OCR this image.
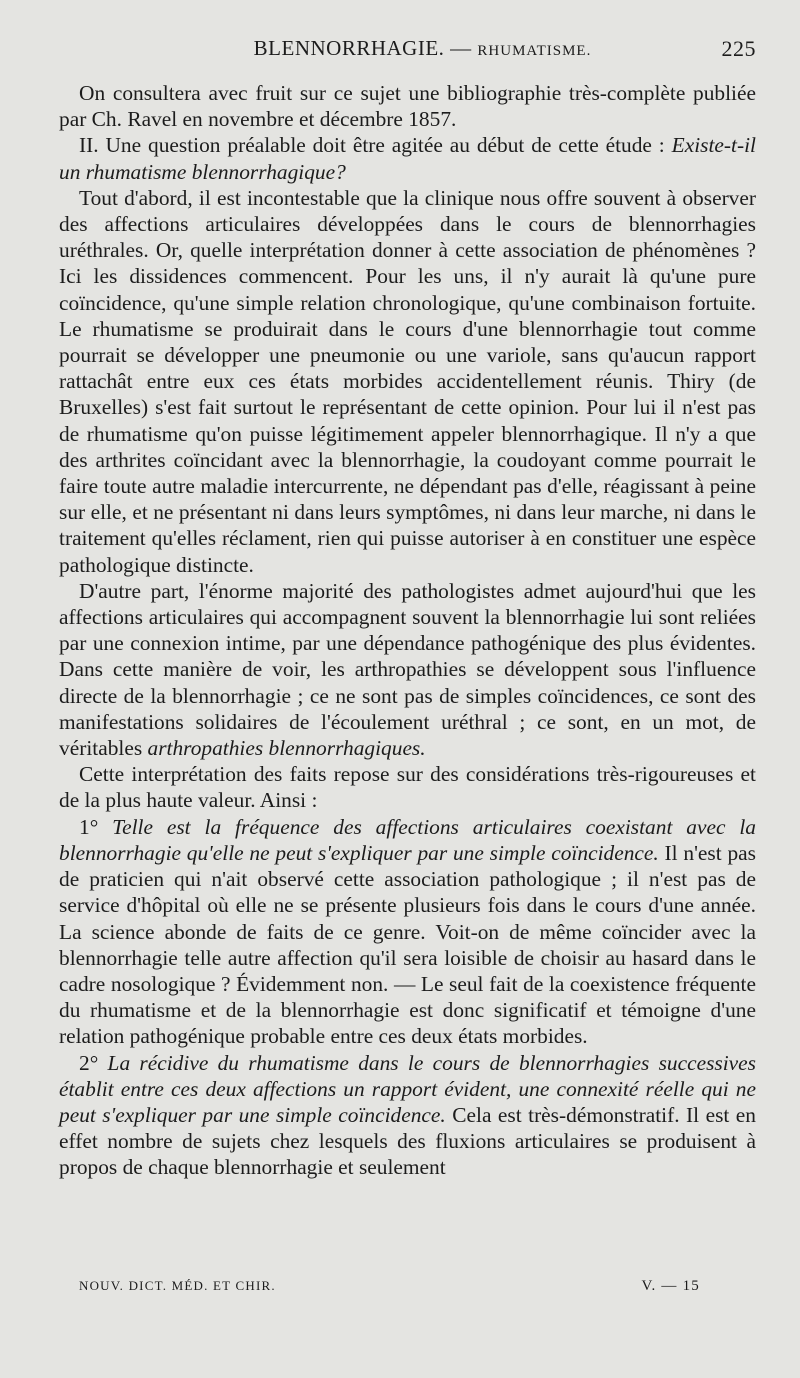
BLENNORRHAGIE. — RHUMATISME.	225

On consultera avec fruit sur ce sujet une bibliographie très-complète publiée par Ch. Ravel en novembre et décembre 1857.

II. Une question préalable doit être agitée au début de cette étude : Existe-t-il un rhumatisme blennorrhagique?

Tout d'abord, il est incontestable que la clinique nous offre souvent à observer des affections articulaires développées dans le cours de blennorrhagies uréthrales. Or, quelle interprétation donner à cette association de phénomènes ? Ici les dissidences commencent. Pour les uns, il n'y aurait là qu'une pure coïncidence, qu'une simple relation chronologique, qu'une combinaison fortuite. Le rhumatisme se produirait dans le cours d'une blennorrhagie tout comme pourrait se développer une pneumonie ou une variole, sans qu'aucun rapport rattachât entre eux ces états morbides accidentellement réunis. Thiry (de Bruxelles) s'est fait surtout le représentant de cette opinion. Pour lui il n'est pas de rhumatisme qu'on puisse légitimement appeler blennorrhagique. Il n'y a que des arthrites coïncidant avec la blennorrhagie, la coudoyant comme pourrait le faire toute autre maladie intercurrente, ne dépendant pas d'elle, réagissant à peine sur elle, et ne présentant ni dans leurs symptômes, ni dans leur marche, ni dans le traitement qu'elles réclament, rien qui puisse autoriser à en constituer une espèce pathologique distincte.

D'autre part, l'énorme majorité des pathologistes admet aujourd'hui que les affections articulaires qui accompagnent souvent la blennorrhagie lui sont reliées par une connexion intime, par une dépendance pathogénique des plus évidentes. Dans cette manière de voir, les arthropathies se développent sous l'influence directe de la blennorrhagie ; ce ne sont pas de simples coïncidences, ce sont des manifestations solidaires de l'écoulement uréthral ; ce sont, en un mot, de véritables arthropathies blennorrhagiques.

Cette interprétation des faits repose sur des considérations très-rigoureuses et de la plus haute valeur. Ainsi :

1° Telle est la fréquence des affections articulaires coexistant avec la blennorrhagie qu'elle ne peut s'expliquer par une simple coïncidence. Il n'est pas de praticien qui n'ait observé cette association pathologique ; il n'est pas de service d'hôpital où elle ne se présente plusieurs fois dans le cours d'une année. La science abonde de faits de ce genre. Voit-on de même coïncider avec la blennorrhagie telle autre affection qu'il sera loisible de choisir au hasard dans le cadre nosologique ? Évidemment non. — Le seul fait de la coexistence fréquente du rhumatisme et de la blennorrhagie est donc significatif et témoigne d'une relation pathogénique probable entre ces deux états morbides.

2° La récidive du rhumatisme dans le cours de blennorrhagies successives établit entre ces deux affections un rapport évident, une connexité réelle qui ne peut s'expliquer par une simple coïncidence. Cela est très-démonstratif. Il est en effet nombre de sujets chez lesquels des fluxions articulaires se produisent à propos de chaque blennorrhagie et seulement

NOUV. DICT. MÉD. ET CHIR.	V. — 15
